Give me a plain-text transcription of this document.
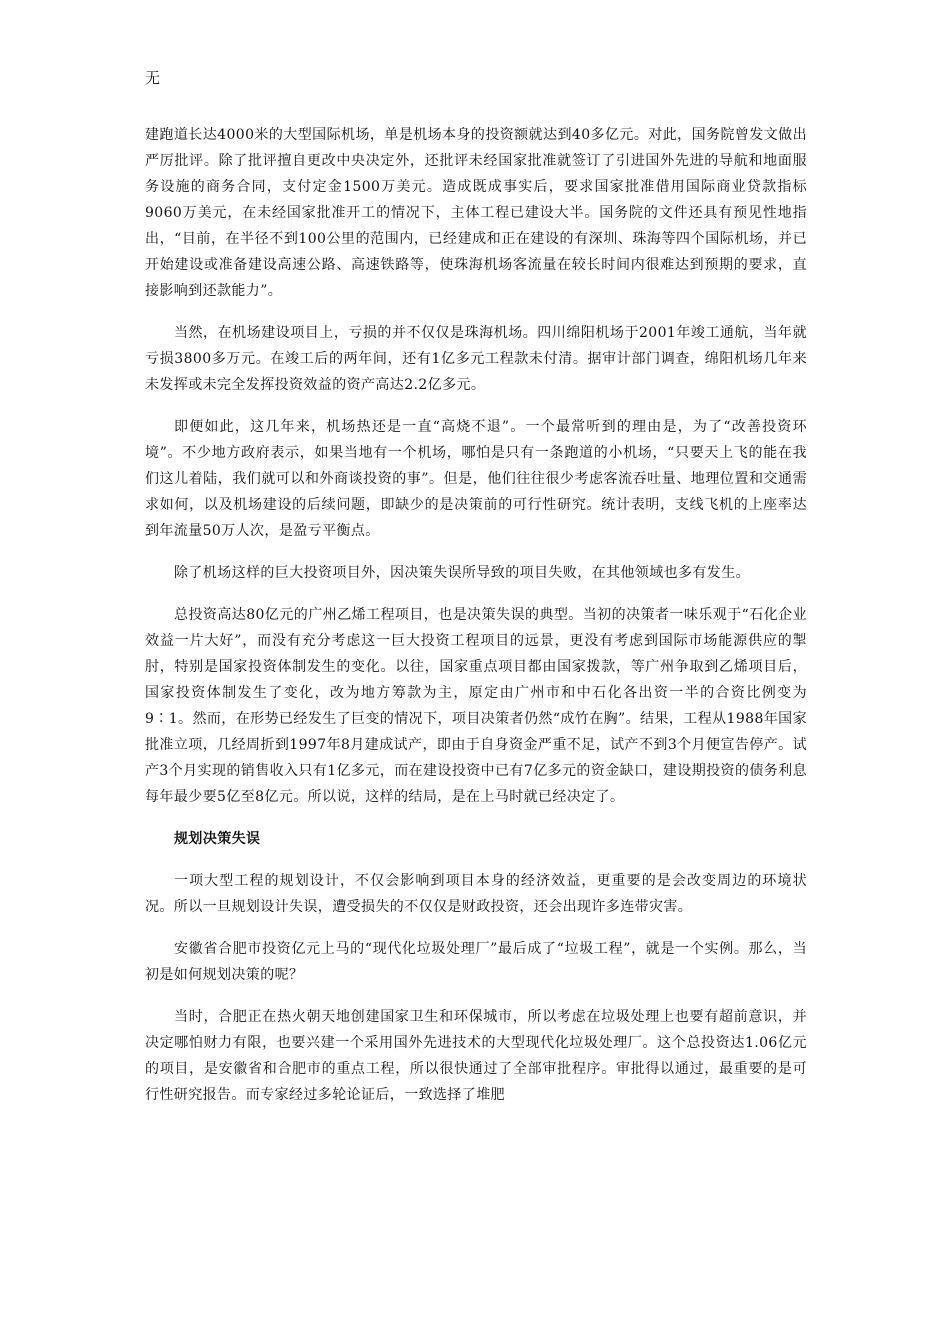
无

建跑道长达4000米的大型国际机场，单是机场本身的投资额就达到40多亿元。对此，国务院曾发文做出严厉批评。除了批评擅自更改中央决定外，还批评未经国家批准就签订了引进国外先进的导航和地面服务设施的商务合同，支付定金1500万美元。造成既成事实后，要求国家批准借用国际商业贷款指标9060万美元，在未经国家批准开工的情况下，主体工程已建设大半。国务院的文件还具有预见性地指出，“目前，在半径不到100公里的范围内，已经建成和正在建设的有深圳、珠海等四个国际机场，并已开始建设或准备建设高速公路、高速铁路等，使珠海机场客流量在较长时间内很难达到预期的要求，直接影响到还款能力”。

当然，在机场建设项目上，亏损的并不仅仅是珠海机场。四川绵阳机场于2001年竣工通航，当年就亏损3800多万元。在竣工后的两年间，还有1亿多元工程款未付清。据审计部门调查，绵阳机场几年来未发挥或未完全发挥投资效益的资产高达2.2亿多元。

即便如此，这几年来，机场热还是一直“高烧不退”。一个最常听到的理由是，为了“改善投资环境”。不少地方政府表示，如果当地有一个机场，哪怕是只有一条跑道的小机场，“只要天上飞的能在我们这儿着陆，我们就可以和外商谈投资的事”。但是，他们往往很少考虑客流吞吐量、地理位置和交通需求如何，以及机场建设的后续问题，即缺少的是决策前的可行性研究。统计表明，支线飞机的上座率达到年流量50万人次，是盈亏平衡点。

除了机场这样的巨大投资项目外，因决策失误所导致的项目失败，在其他领域也多有发生。

总投资高达80亿元的广州乙烯工程项目，也是决策失误的典型。当初的决策者一味乐观于“石化企业效益一片大好”，而没有充分考虑这一巨大投资工程项目的远景，更没有考虑到国际市场能源供应的掣肘，特别是国家投资体制发生的变化。以往，国家重点项目都由国家拨款，等广州争取到乙烯项目后，国家投资体制发生了变化，改为地方筹款为主，原定由广州市和中石化各出资一半的合资比例变为9∶1。然而，在形势已经发生了巨变的情况下，项目决策者仍然“成竹在胸”。结果，工程从1988年国家批准立项，几经周折到1997年8月建成试产，即由于自身资金严重不足，试产不到3个月便宣告停产。试产3个月实现的销售收入只有1亿多元，而在建设投资中已有7亿多元的资金缺口，建设期投资的债务利息每年最少要5亿至8亿元。所以说，这样的结局，是在上马时就已经决定了。

规划决策失误

一项大型工程的规划设计，不仅会影响到项目本身的经济效益，更重要的是会改变周边的环境状况。所以一旦规划设计失误，遭受损失的不仅仅是财政投资，还会出现许多连带灾害。

安徽省合肥市投资亿元上马的“现代化垃圾处理厂”最后成了“垃圾工程”，就是一个实例。那么，当初是如何规划决策的呢？

当时，合肥正在热火朝天地创建国家卫生和环保城市，所以考虑在垃圾处理上也要有超前意识，并决定哪怕财力有限，也要兴建一个采用国外先进技术的大型现代化垃圾处理厂。这个总投资达1.06亿元的项目，是安徽省和合肥市的重点工程，所以很快通过了全部审批程序。审批得以通过，最重要的是可行性研究报告。而专家经过多轮论证后，一致选择了堆肥
